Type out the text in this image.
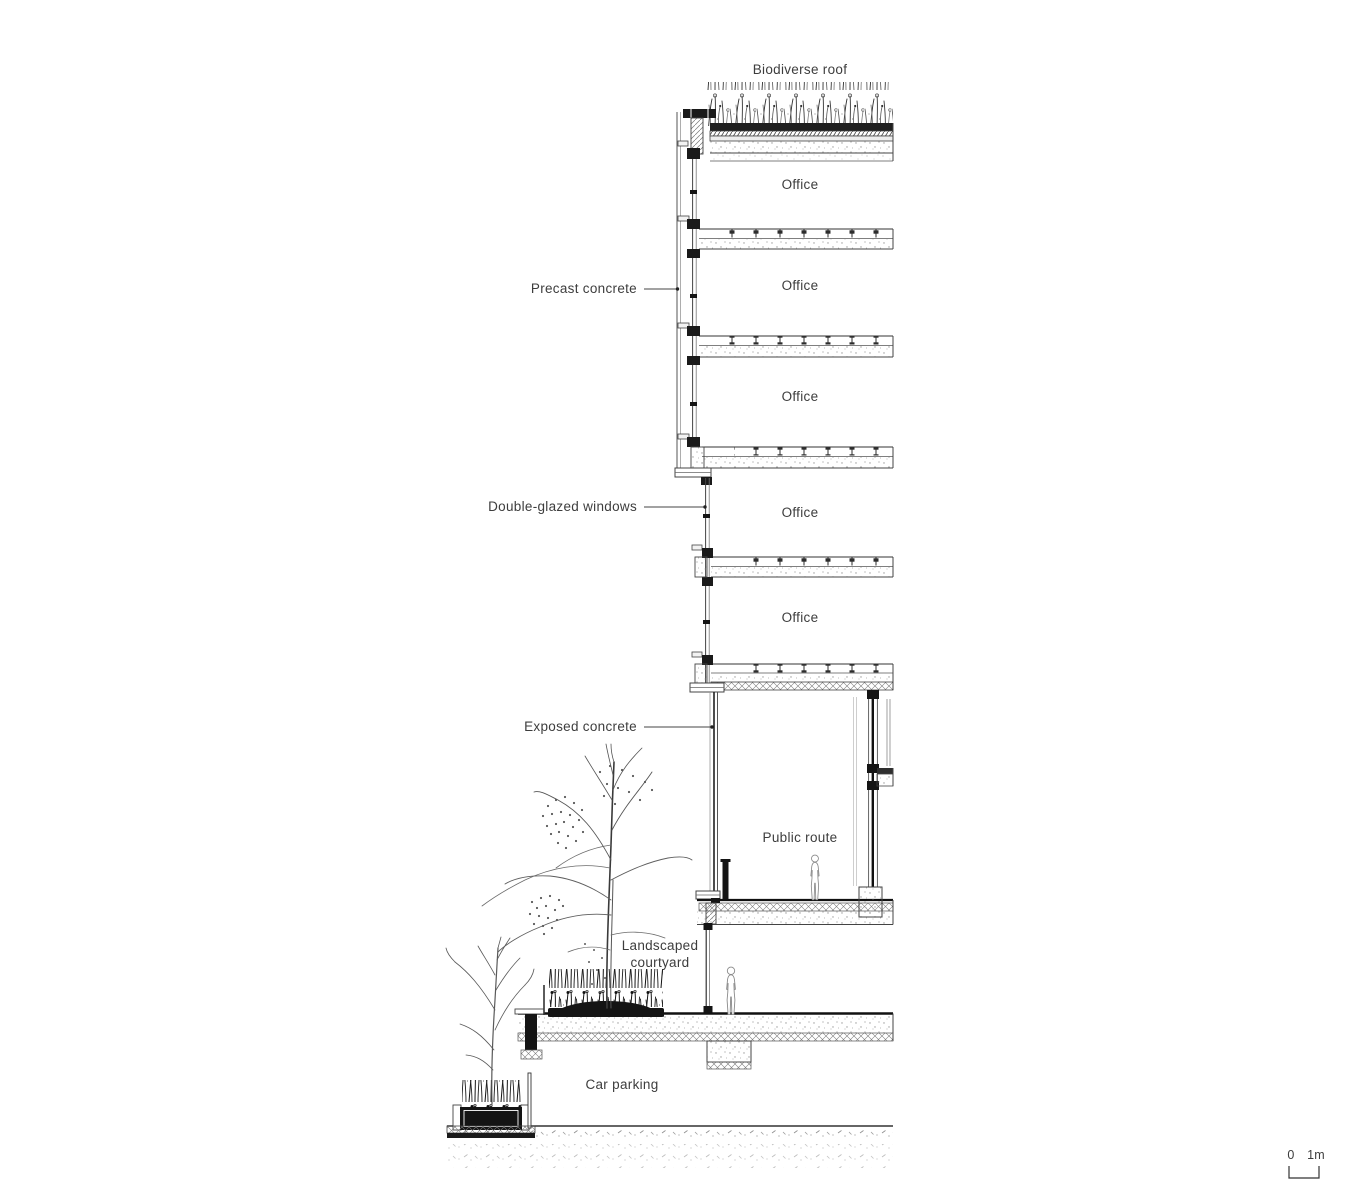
Biodiverse roof
Office
Office
Office
Office
Office
Precast concrete
Double-glazed windows
Exposed concrete
Public route
Landscaped courtyard
Car parking
0	1m
